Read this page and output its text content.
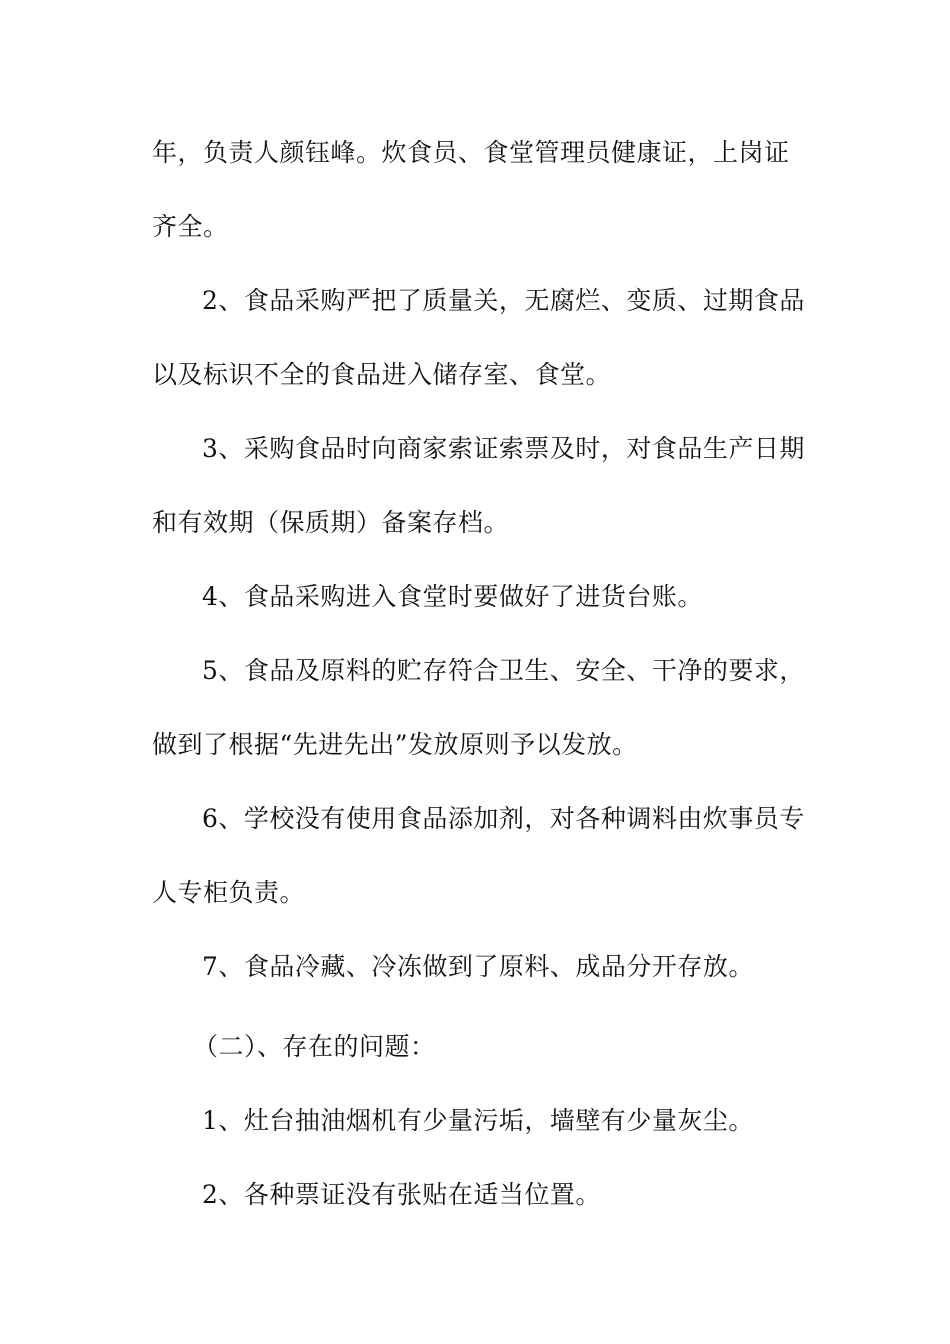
年，负责人颜钰峰。炊食员、食堂管理员健康证，上岗证
齐全。
2、食品采购严把了质量关，无腐烂、变质、过期食品
以及标识不全的食品进入储存室、食堂。
3、采购食品时向商家索证索票及时，对食品生产日期
和有效期（保质期）备案存档。
4、食品采购进入食堂时要做好了进货台账。
5、食品及原料的贮存符合卫生、安全、干净的要求，
做到了根据“先进先出”发放原则予以发放。
6、学校没有使用食品添加剂，对各种调料由炊事员专
人专柜负责。
7、食品冷藏、冷冻做到了原料、成品分开存放。
（二）、存在的问题：
1、灶台抽油烟机有少量污垢，墙壁有少量灰尘。
2、各种票证没有张贴在适当位置。
